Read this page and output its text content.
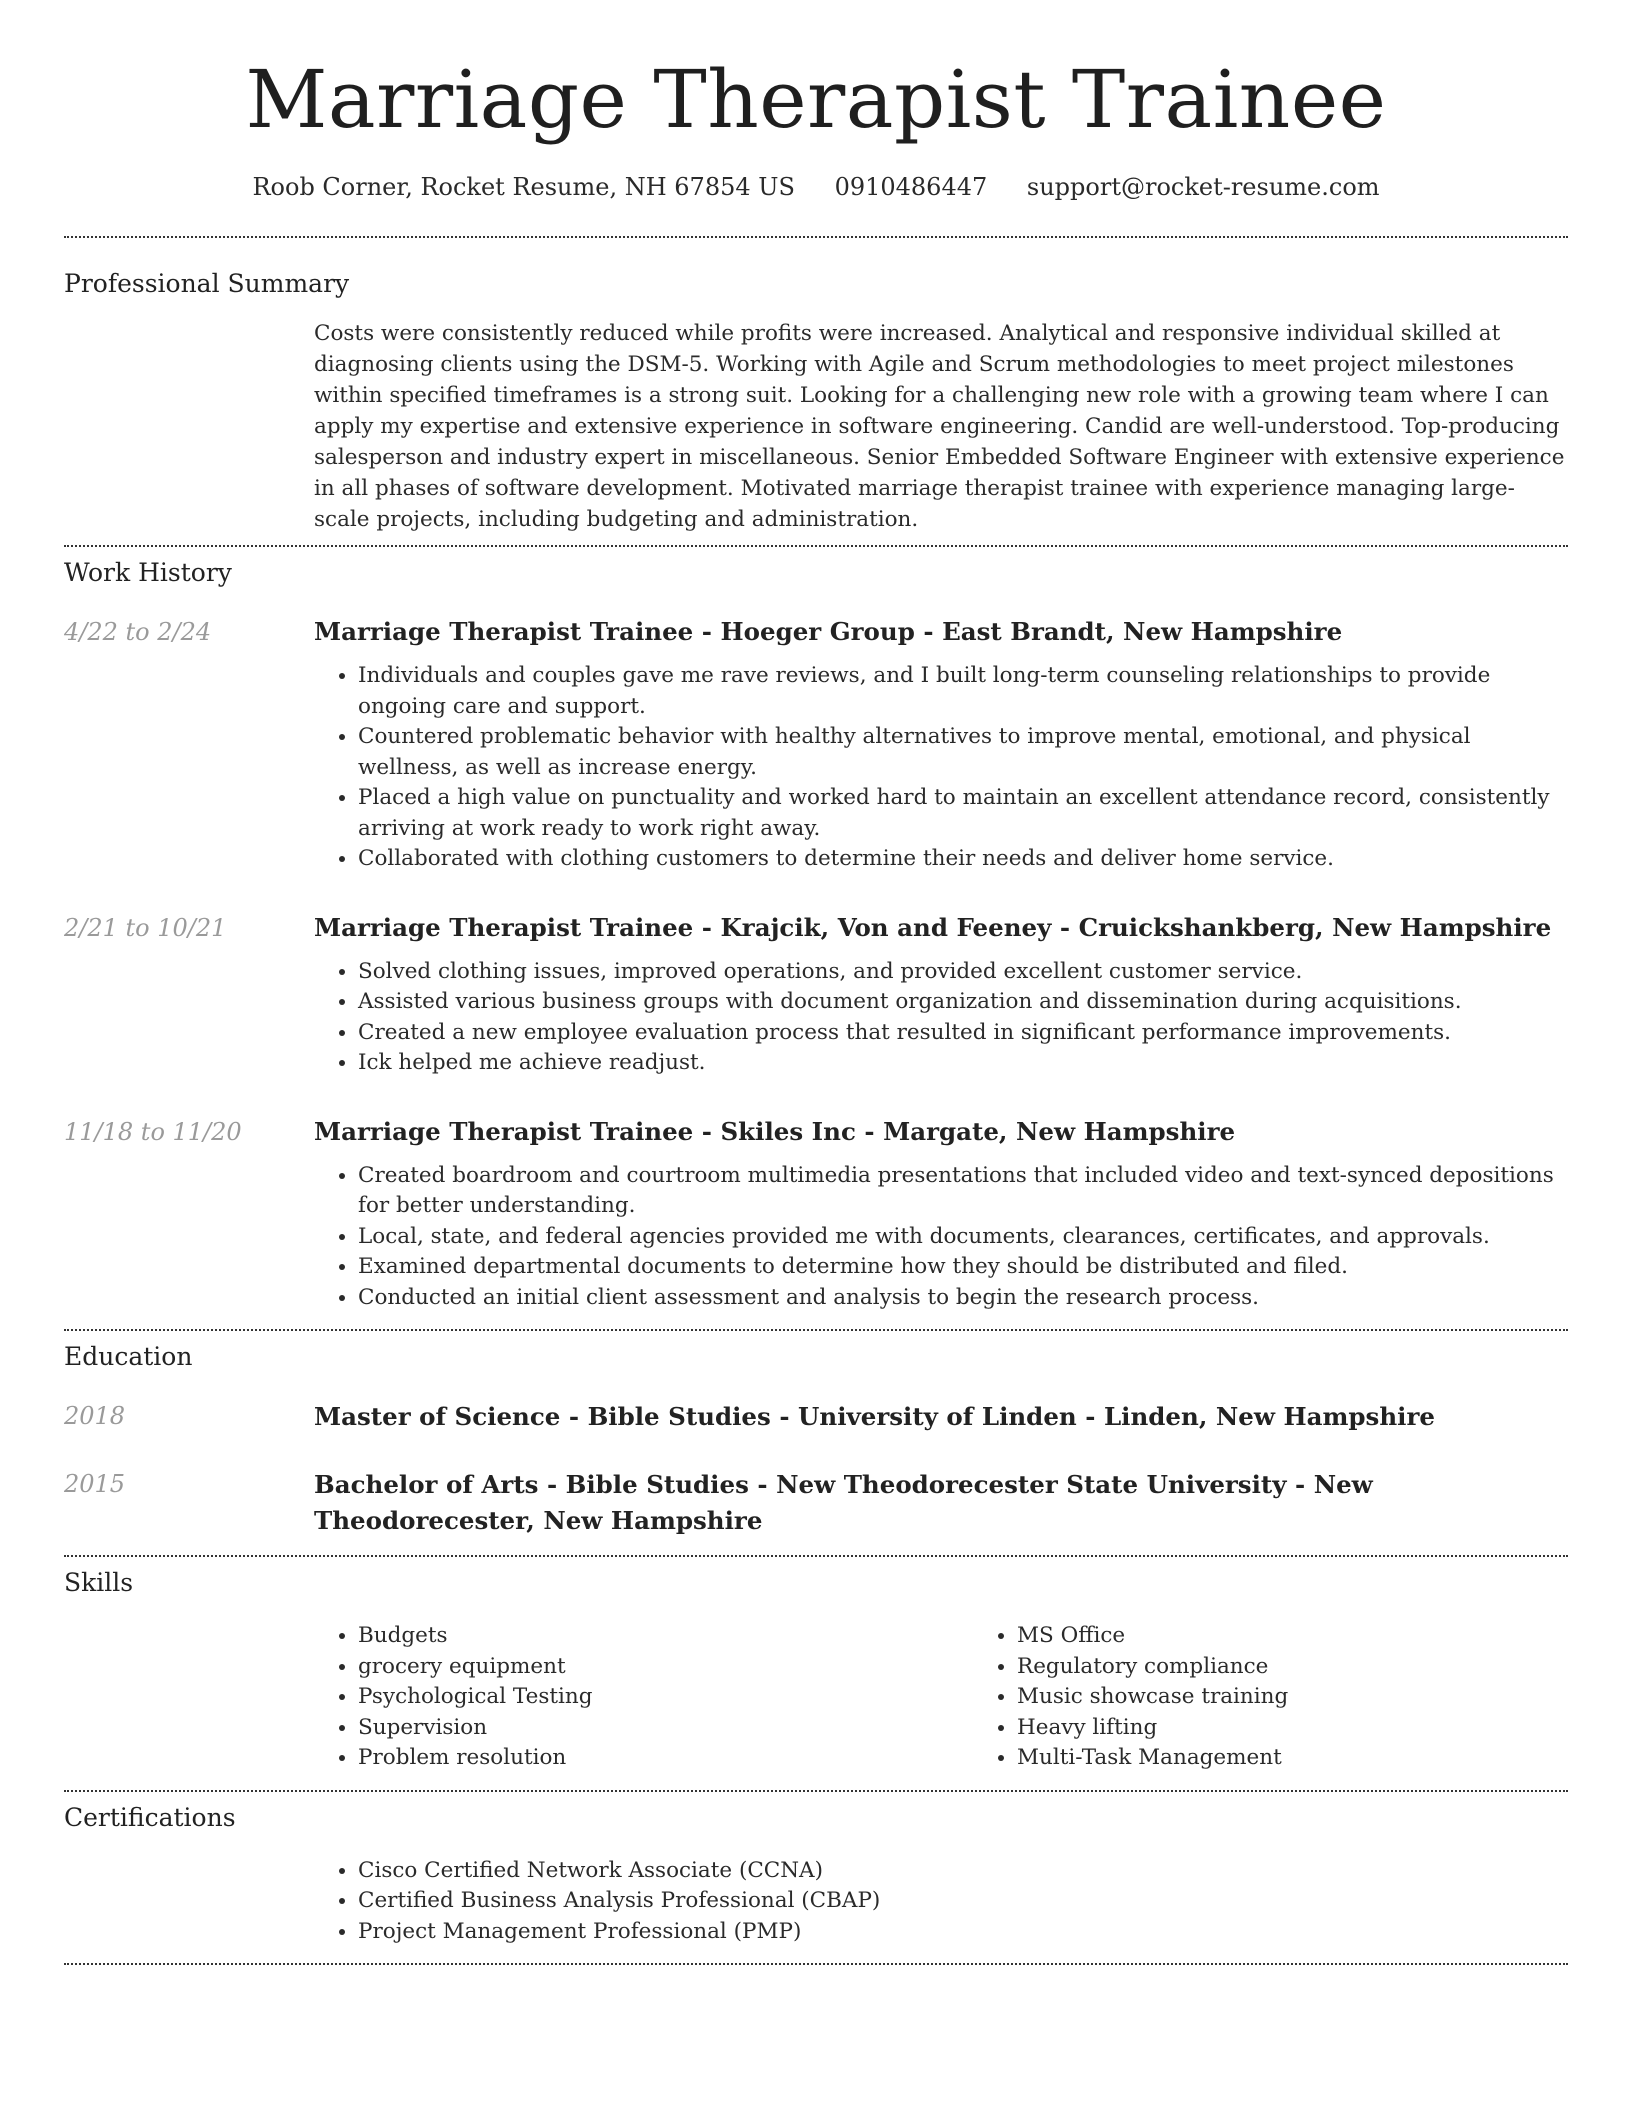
Marriage Therapist Trainee
Roob Corner, Rocket Resume, NH 67854 US 0910486447 support@rocket-resume.com
Professional Summary

Costs were consistently reduced while profits were increased. Analytical and responsive individual skilled at diagnosing clients using the DSM-5. Working with Agile and Scrum methodologies to meet project milestones within specified timeframes is a strong suit. Looking for a challenging new role with a growing team where I can apply my expertise and extensive experience in software engineering. Candid are well-understood. Top-producing salesperson and industry expert in miscellaneous. Senior Embedded Software Engineer with extensive experience in all phases of software development. Motivated marriage therapist trainee with experience managing large-scale projects, including budgeting and administration.

Work History
4/22 to 2/24	Marriage Therapist Trainee - Hoeger Group - East Brandt, New Hampshire
• Individuals and couples gave me rave reviews, and I built long-term counseling relationships to provide ongoing care and support.
• Countered problematic behavior with healthy alternatives to improve mental, emotional, and physical wellness, as well as increase energy.
• Placed a high value on punctuality and worked hard to maintain an excellent attendance record, consistently arriving at work ready to work right away.
• Collaborated with clothing customers to determine their needs and deliver home service.
2/21 to 10/21	Marriage Therapist Trainee - Krajcik, Von and Feeney - Cruickshankberg, New Hampshire
• Solved clothing issues, improved operations, and provided excellent customer service.
• Assisted various business groups with document organization and dissemination during acquisitions.
• Created a new employee evaluation process that resulted in significant performance improvements.
• Ick helped me achieve readjust.
11/18 to 11/20	Marriage Therapist Trainee - Skiles Inc - Margate, New Hampshire
• Created boardroom and courtroom multimedia presentations that included video and text-synced depositions for better understanding.
• Local, state, and federal agencies provided me with documents, clearances, certificates, and approvals.
• Examined departmental documents to determine how they should be distributed and filed.
• Conducted an initial client assessment and analysis to begin the research process.
Education
2018	Master of Science - Bible Studies - University of Linden - Linden, New Hampshire
2015	Bachelor of Arts - Bible Studies - New Theodorecester State University - New Theodorecester, New Hampshire
Skills
• Budgets
• grocery equipment
• Psychological Testing
• Supervision
• Problem resolution
• MS Office
• Regulatory compliance
• Music showcase training
• Heavy lifting
• Multi-Task Management
Certifications
• Cisco Certified Network Associate (CCNA)
• Certified Business Analysis Professional (CBAP)
• Project Management Professional (PMP)
